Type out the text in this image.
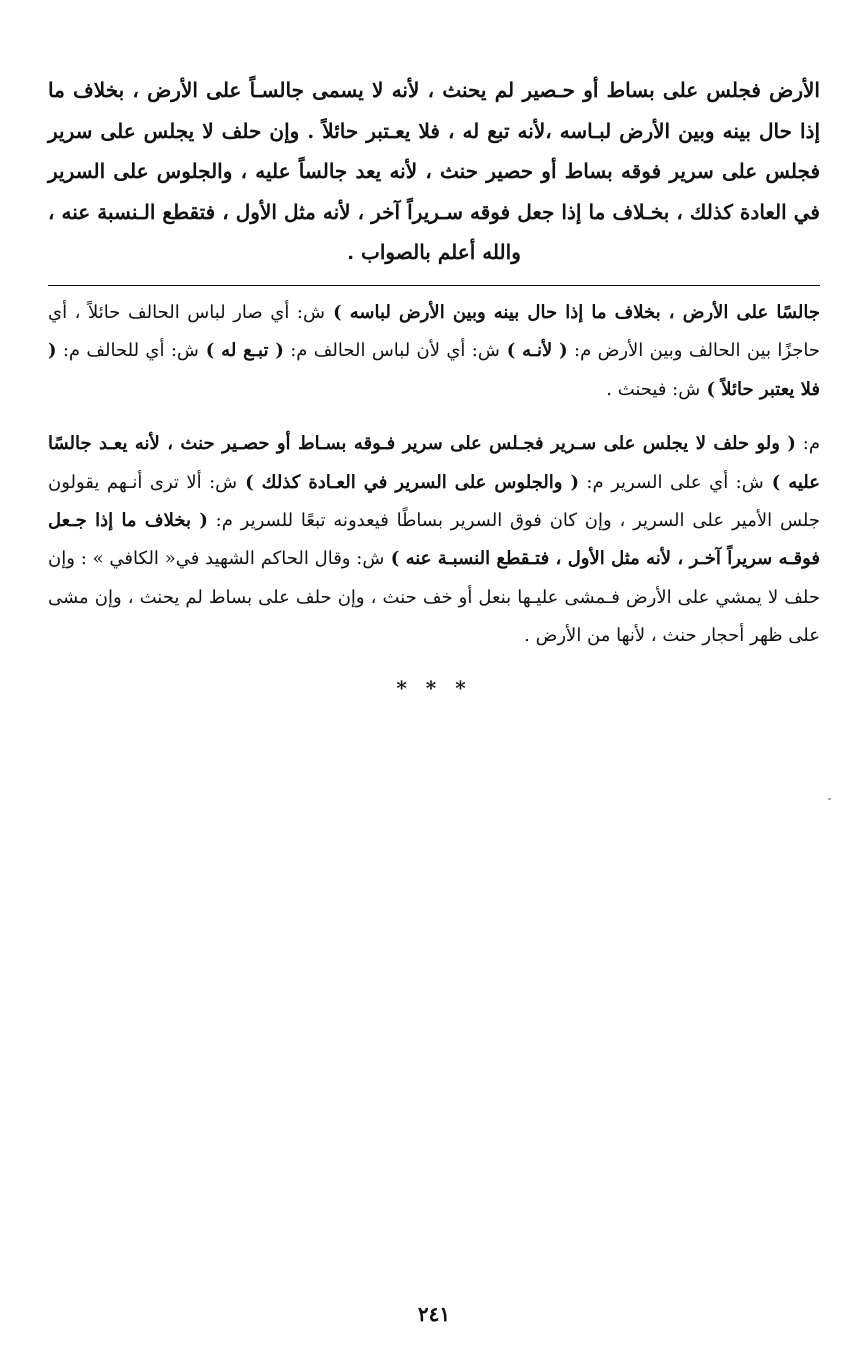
الأرض فجلس على بساط أو حـصير لم يحنث ، لأنه لا يسمى جالسـاً على الأرض ، بخلاف ما إذا حال بينه وبين الأرض لبـاسه ،لأنه تبع له ، فلا يعـتبر حائلاً . وإن حلف لا يجلس على سرير فجلس على سرير فوقه بساط أو حصير حنث ، لأنه يعد جالساً عليه ، والجلوس على السرير في العادة كذلك ، بخـلاف ما إذا جعل فوقه سـريراً آخر ، لأنه مثل الأول ، فتقطع الـنسبة عنه ، والله أعلم بالصواب .

جالسًا على الأرض ، بخلاف ما إذا حال بينه وبين الأرض لباسه ) ش: أي صار لباس الحالف حائلاً ، أي حاجزًا بين الحالف وبين الأرض م: ( لأنـه ) ش: أي لأن لباس الحالف م: ( تبـع له ) ش: أي للحالف م: ( فلا يعتبر حائلاً ) ش: فيحنث .

م: ( ولو حلف لا يجلس على سـرير فجـلس على سرير فـوقه بسـاط أو حصـير حنث ، لأنه يعـد جالسًا عليه ) ش: أي على السرير م: ( والجلوس على السرير في العـادة كذلك ) ش: ألا ترى أنـهم يقولون جلس الأمير على السرير ، وإن كان فوق السرير بساطًا فيعدونه تبعًا للسرير م: ( بخلاف ما إذا جـعل فوقـه سريراً آخـر ، لأنه مثل الأول ، فتـقطع النسبـة عنه ) ش: وقال الحاكم الشهيد في« الكافي » : وإن حلف لا يمشي على الأرض فـمشى عليـها بنعل أو خف حنث ، وإن حلف على بساط لم يحنث ، وإن مشى على ظهر أحجار حنث ، لأنها من الأرض .

* * *
٢٤١
